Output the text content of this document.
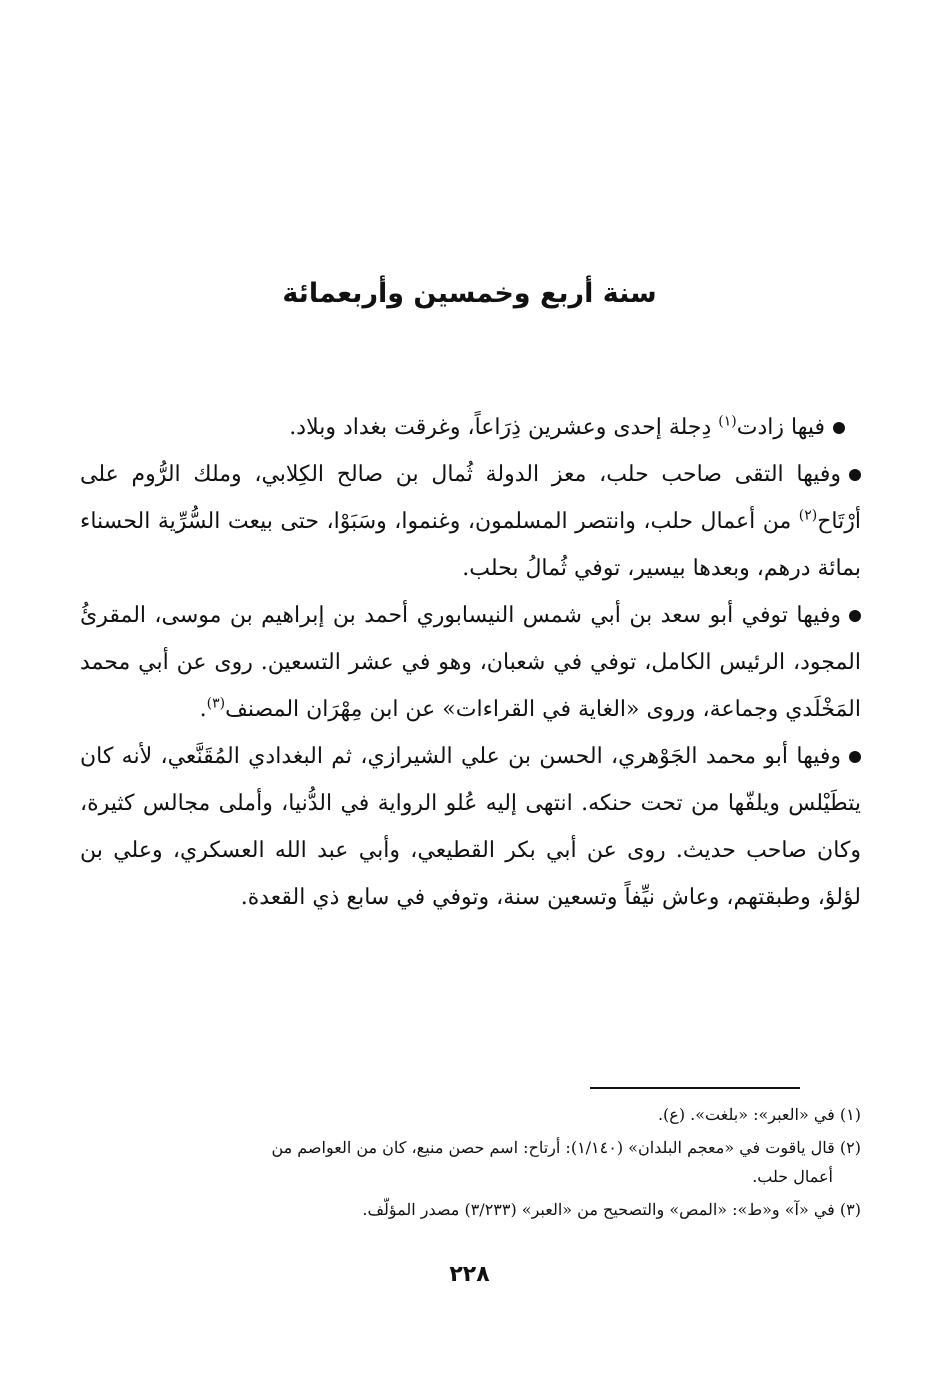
سنة أربع وخمسين وأربعمائة

فيها زادت$^{(١)}$ دِجلة إحدى وعشرين ذِرَاعاً، وغرقت بغداد وبلاد.

وفيها التقى صاحب حلب، معز الدولة ثُمال بن صالح الكِلابي، وملك الرُّوم على أرْتَاح$^{(٢)}$ من أعمال حلب، وانتصر المسلمون، وغنموا، وسَبَوْا، حتى بيعت السُّرِّية الحسناء بمائة درهم، وبعدها بيسير، توفي ثُمالُ بحلب.

وفيها توفي أبو سعد بن أبي شمس النيسابوري أحمد بن إبراهيم بن موسى، المقرئُ المجود، الرئيس الكامل، توفي في شعبان، وهو في عشر التسعين. روى عن أبي محمد المَخْلَدي وجماعة، وروى «الغاية في القراءات» عن ابن مِهْرَان المصنف$^{(٣)}$.

وفيها أبو محمد الجَوْهري، الحسن بن علي الشيرازي، ثم البغدادي المُقَنَّعي، لأنه كان يتطَيْلس ويلفّها من تحت حنكه. انتهى إليه عُلو الرواية في الدُّنيا، وأملى مجالس كثيرة، وكان صاحب حديث. روى عن أبي بكر القطيعي، وأبي عبد الله العسكري، وعلي بن لؤلؤ، وطبقتهم، وعاش نيِّفاً وتسعين سنة، وتوفي في سابع ذي القعدة.

(١) في «العبر»: «بلغت». (ع).

(٢) قال ياقوت في «معجم البلدان» (١/١٤٠): أرتاح: اسم حصن منيع، كان من العواصم من
أعمال حلب.

(٣) في «آ» و«ط»: «المص» والتصحيح من «العبر» (٣/٢٣٣) مصدر المؤلّف.

٢٢٨
